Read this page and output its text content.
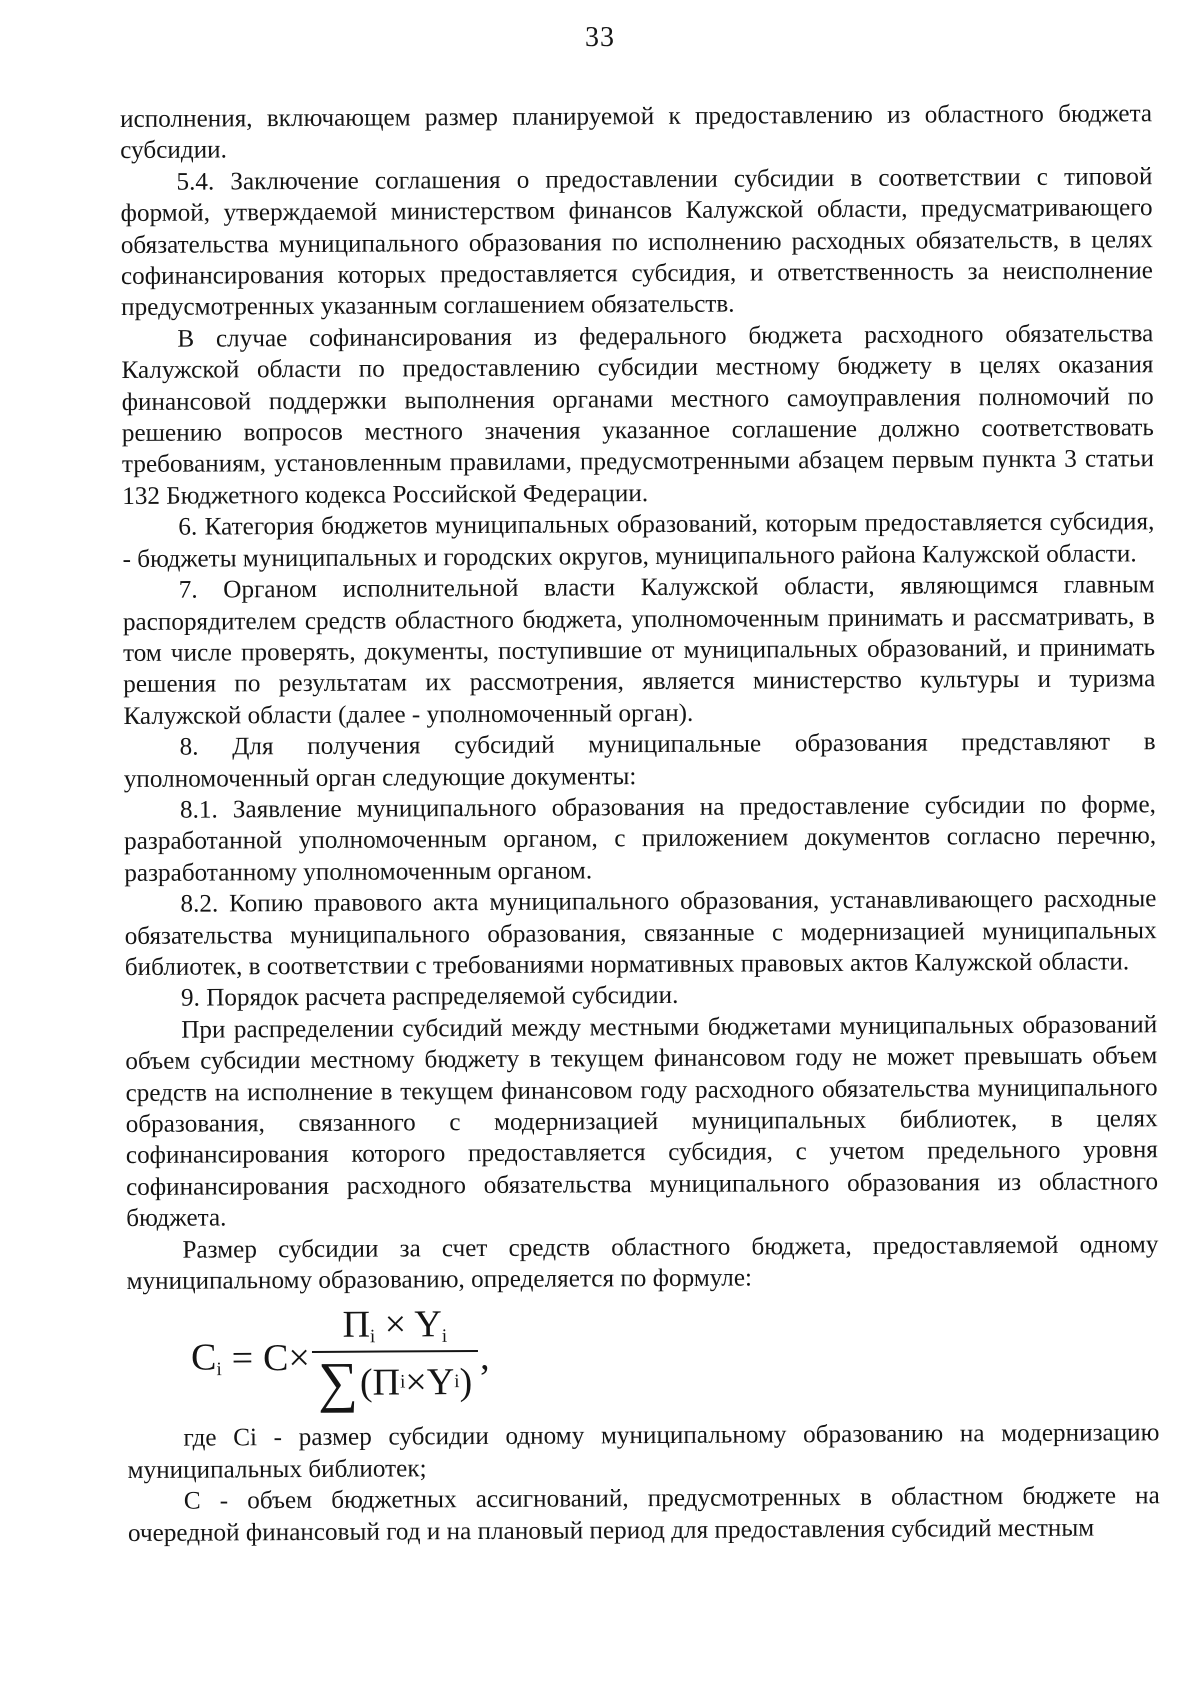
33

исполнения, включающем размер планируемой к предоставлению из областного бюджета субсидии.

5.4. Заключение соглашения о предоставлении субсидии в соответствии с типовой формой, утверждаемой министерством финансов Калужской области, предусматривающего обязательства муниципального образования по исполнению расходных обязательств, в целях софинансирования которых предоставляется субсидия, и ответственность за неисполнение предусмотренных указанным соглашением обязательств.

В случае софинансирования из федерального бюджета расходного обязательства Калужской области по предоставлению субсидии местному бюджету в целях оказания финансовой поддержки выполнения органами местного самоуправления полномочий по решению вопросов местного значения указанное соглашение должно соответствовать требованиям, установленным правилами, предусмотренными абзацем первым пункта 3 статьи 132 Бюджетного кодекса Российской Федерации.

6. Категория бюджетов муниципальных образований, которым предоставляется субсидия, - бюджеты муниципальных и городских округов, муниципального района Калужской области.

7. Органом исполнительной власти Калужской области, являющимся главным распорядителем средств областного бюджета, уполномоченным принимать и рассматривать, в том числе проверять, документы, поступившие от муниципальных образований, и принимать решения по результатам их рассмотрения, является министерство культуры и туризма Калужской области (далее - уполномоченный орган).

8. Для получения субсидий муниципальные образования представляют в уполномоченный орган следующие документы:

8.1. Заявление муниципального образования на предоставление субсидии по форме, разработанной уполномоченным органом, с приложением документов согласно перечню, разработанному уполномоченным органом.

8.2. Копию правового акта муниципального образования, устанавливающего расходные обязательства муниципального образования, связанные с модернизацией муниципальных библиотек, в соответствии с требованиями нормативных правовых актов Калужской области.

9. Порядок расчета распределяемой субсидии.

При распределении субсидий между местными бюджетами муниципальных образований объем субсидии местному бюджету в текущем финансовом году не может превышать объем средств на исполнение в текущем финансовом году расходного обязательства муниципального образования, связанного с модернизацией муниципальных библиотек, в целях софинансирования которого предоставляется субсидия, с учетом предельного уровня софинансирования расходного обязательства муниципального образования из областного бюджета.

Размер субсидии за счет средств областного бюджета, предоставляемой одному муниципальному образованию, определяется по формуле:

$C_i = C \times \frac{П_i \times Y_i}{\text{∑ ( П i × Y i )}}$ ,

где Ci - размер субсидии одному муниципальному образованию на модернизацию муниципальных библиотек;

C - объем бюджетных ассигнований, предусмотренных в областном бюджете на очередной финансовый год и на плановый период для предоставления субсидий местным
